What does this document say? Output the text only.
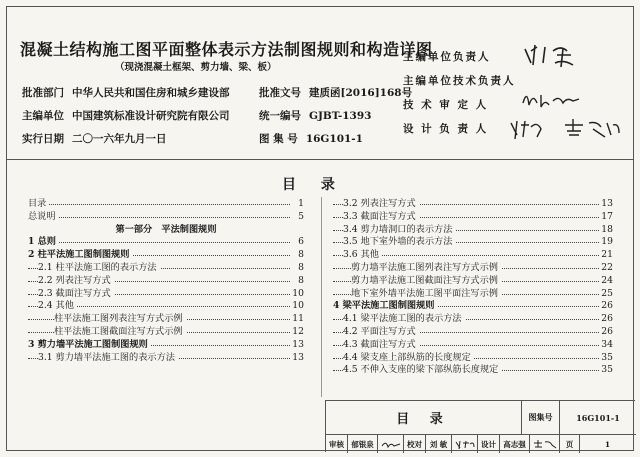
混凝土结构施工图平面整体表示方法制图规则和构造详图
（现浇混凝土框架、剪力墙、梁、板）
批准部门 中华人民共和国住房和城乡建设部	批准文号 建质函[2016]168号
主编单位 中国建筑标准设计研究院有限公司	统一编号 GJBT-1393
实行日期 二〇一六年九月一日	图 集 号 16G101-1
主编单位负责人
主编单位技术负责人
技 术 审 定 人
设 计 负 责 人
目 录
目录	1
总说明	5
第一部分　平法制图规则
1 总则	6
2 柱平法施工图制图规则	8
2.1 柱平法施工图的表示方法	8
2.2 列表注写方式	8
2.3 截面注写方式	10
2.4 其他	10
柱平法施工图列表注写方式示例	11
柱平法施工图截面注写方式示例	12
3 剪力墙平法施工图制图规则	13
3.1 剪力墙平法施工图的表示方法	13
3.2 列表注写方式	13
3.3 截面注写方式	17
3.4 剪力墙洞口的表示方法	18
3.5 地下室外墙的表示方法	19
3.6 其他	21
剪力墙平法施工图列表注写方式示例	22
剪力墙平法施工图截面注写方式示例	24
地下室外墙平法施工图平面注写示例	25
4 梁平法施工图制图规则	26
4.1 梁平法施工图的表示方法	26
4.2 平面注写方式	26
4.3 截面注写方式	34
4.4 梁支座上部纵筋的长度规定	35
4.5 不伸入支座的梁下部纵筋长度规定	35
目 录	图集号	16G101-1
审核 郁银泉	校对	刘 敏	设计 高志强	页	1
